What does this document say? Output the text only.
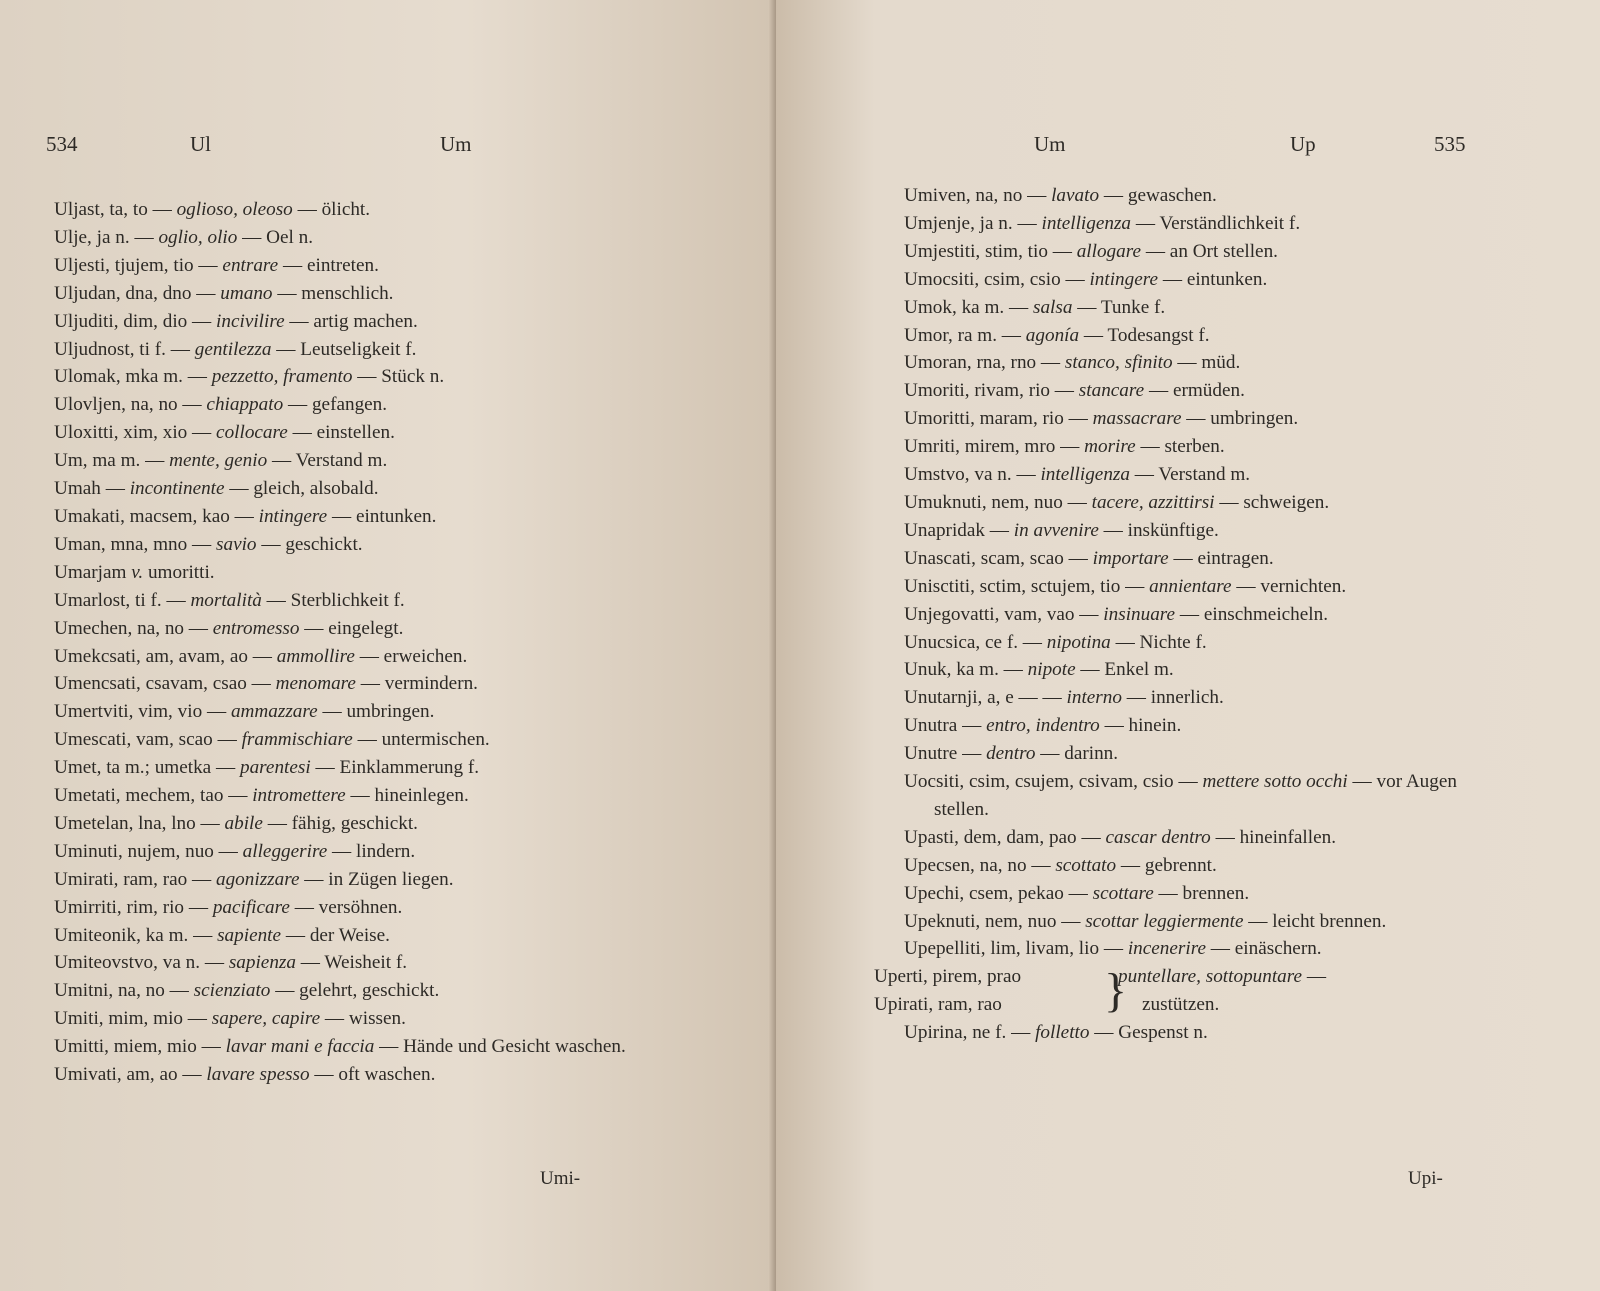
534	Ul	Um
Uljast, ta, to — oglioso, oleoso — ölicht.
Ulje, ja n. — oglio, olio — Oel n.
Uljesti, tjujem, tio — entrare — eintreten.
Uljudan, dna, dno — umano — menschlich.
Uljuditi, dim, dio — incivilire — artig machen.
Uljudnost, ti f. — gentilezza — Leutseligkeit f.
Ulomak, mka m. — pezzetto, framento — Stück n.
Ulovljen, na, no — chiappato — gefangen.
Uloxitti, xim, xio — collocare — einstellen.
Um, ma m. — mente, genio — Verstand m.
Umah — incontinente — gleich, alsobald.
Umakati, macsem, kao — intingere — eintunken.
Uman, mna, mno — savio — geschickt.
Umarjam v. umoritti.
Umarlost, ti f. — mortalità — Sterblichkeit f.
Umechen, na, no — entromesso — eingelegt.
Umekcsati, am, avam, ao — ammollire — erweichen.
Umencsati, csavam, csao — menomare — vermindern.
Umertviti, vim, vio — ammazzare — umbringen.
Umescati, vam, scao — frammischiare — untermischen.
Umet, ta m.; umetka — parentesi — Einklammerung f.
Umetati, mechem, tao — intromettere — hineinlegen.
Umetelan, lna, lno — abile — fähig, geschickt.
Uminuti, nujem, nuo — alleggerire — lindern.
Umirati, ram, rao — agonizzare — in Zügen liegen.
Umirriti, rim, rio — pacificare — versöhnen.
Umiteonik, ka m. — sapiente — der Weise.
Umiteovstvo, va n. — sapienza — Weisheit f.
Umitni, na, no — scienziato — gelehrt, geschickt.
Umiti, mim, mio — sapere, capire — wissen.
Umitti, miem, mio — lavar mani e faccia — Hände und Gesicht waschen.
Umivati, am, ao — lavare spesso — oft waschen.
Umi-
Um	Up	535
Umiven, na, no — lavato — gewaschen.
Umjenje, ja n. — intelligenza — Verständlichkeit f.
Umjestiti, stim, tio — allogare — an Ort stellen.
Umocsiti, csim, csio — intingere — eintunken.
Umok, ka m. — salsa — Tunke f.
Umor, ra m. — agonía — Todesangst f.
Umoran, rna, rno — stanco, sfinito — müd.
Umoriti, rivam, rio — stancare — ermüden.
Umoritti, maram, rio — massacrare — umbringen.
Umriti, mirem, mro — morire — sterben.
Umstvo, va n. — intelligenza — Verstand m.
Umuknuti, nem, nuo — tacere, azzittirsi — schweigen.
Unapridak — in avvenire — inskünftige.
Unascati, scam, scao — importare — eintragen.
Unisctiti, sctim, sctujem, tio — annientare — vernichten.
Unjegovatti, vam, vao — insinuare — einschmeicheln.
Unucsica, ce f. — nipotina — Nichte f.
Unuk, ka m. — nipote — Enkel m.
Unutarnji, a, e — — interno — innerlich.
Unutra — entro, indentro — hinein.
Unutre — dentro — darinn.
Uocsiti, csim, csujem, csivam, csio — mettere sotto occhi — vor Augen stellen.
Upasti, dem, dam, pao — cascar dentro — hineinfallen.
Upecsen, na, no — scottato — gebrennt.
Upechi, csem, pekao — scottare — brennen.
Upeknuti, nem, nuo — scottar leggiermente — leicht brennen.
Upepelliti, lim, livam, lio — incenerire — einäschern.
Uperti, pirem, prao	puntellare, sottopuntare —
Upirati, ram, rao	zustützen.
}
Upirina, ne f. — folletto — Gespenst n.
Upi-
